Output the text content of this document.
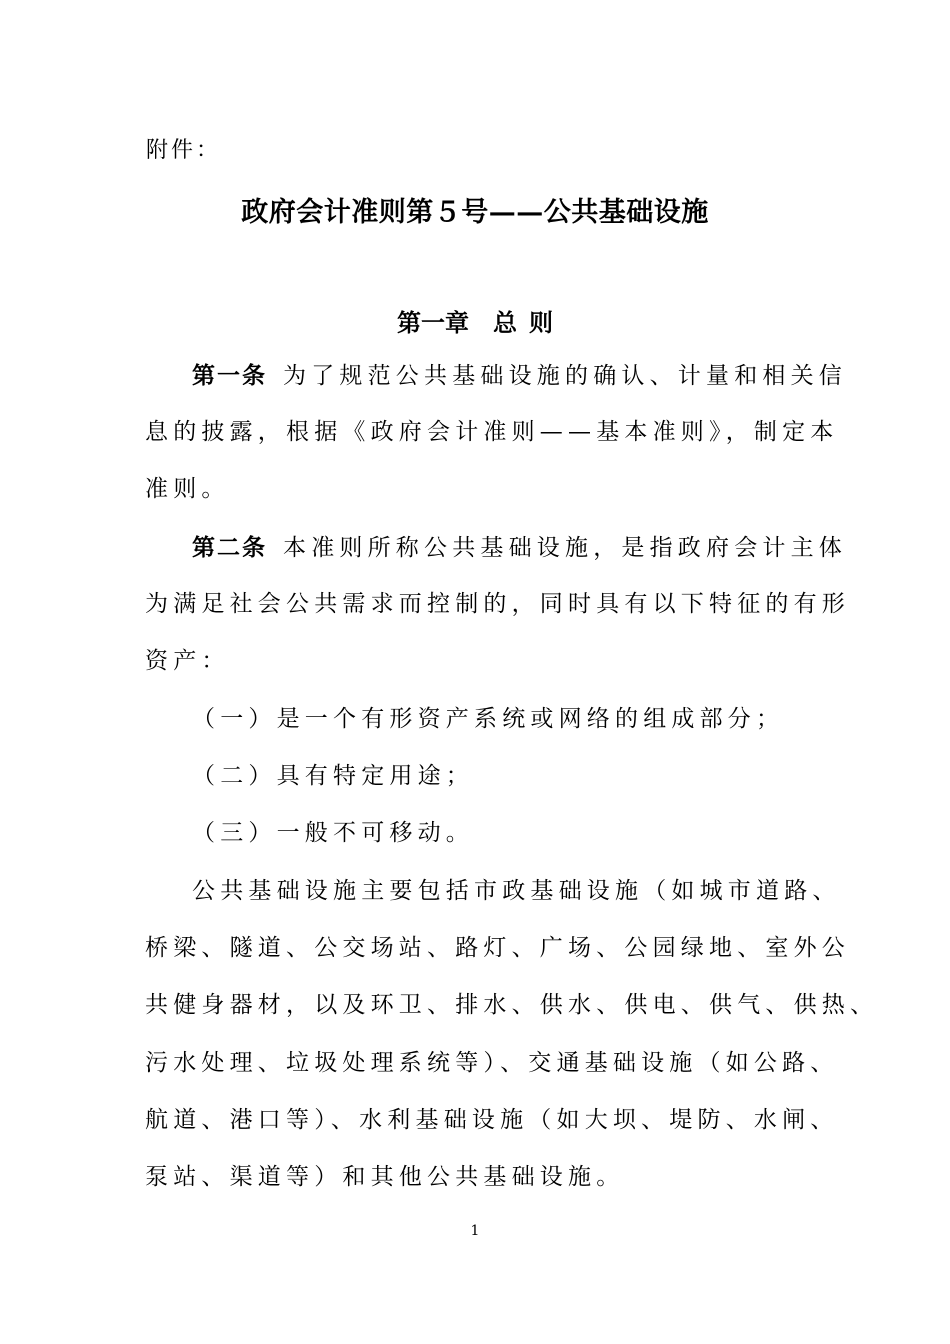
附件：
政府会计准则第５号——公共基础设施
第一章 总 则
第一条 为了规范公共基础设施的确认、计量和相关信
息的披露，根据《政府会计准则——基本准则》，制定本
准则。
第二条 本准则所称公共基础设施，是指政府会计主体
为满足社会公共需求而控制的，同时具有以下特征的有形
资产：
（一）是一个有形资产系统或网络的组成部分；
（二）具有特定用途；
（三）一般不可移动。
公共基础设施主要包括市政基础设施（如城市道路、
桥梁、隧道、公交场站、路灯、广场、公园绿地、室外公
共健身器材，以及环卫、排水、供水、供电、供气、供热、
污水处理、垃圾处理系统等）、交通基础设施（如公路、
航道、港口等）、水利基础设施（如大坝、堤防、水闸、
泵站、渠道等）和其他公共基础设施。
1
